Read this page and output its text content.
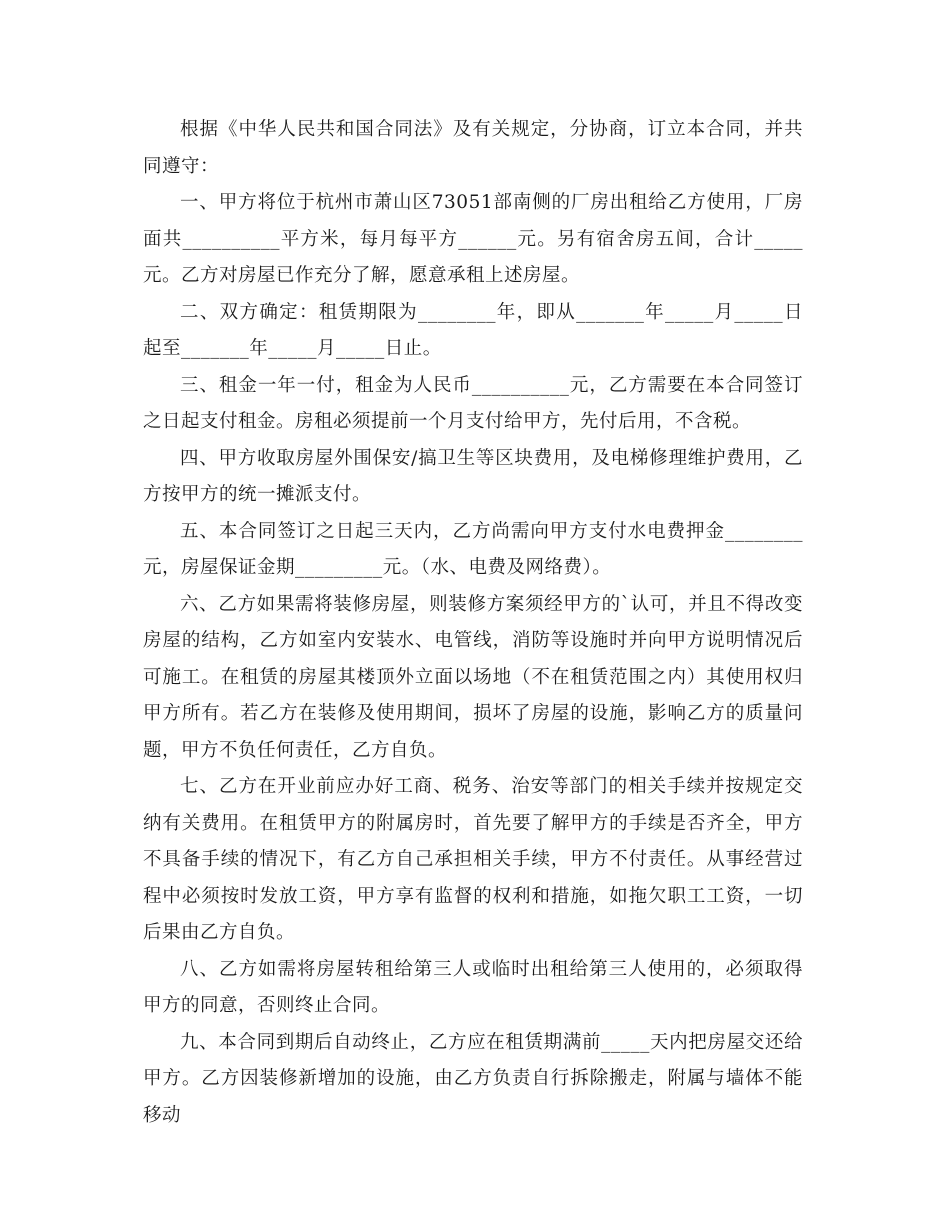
根据《中华人民共和国合同法》及有关规定，分协商，订立本合同，并共同遵守：

一、甲方将位于杭州市萧山区73051部南侧的厂房出租给乙方使用，厂房面共__________平方米，每月每平方______元。另有宿舍房五间，合计_____元。乙方对房屋已作充分了解，愿意承租上述房屋。

二、双方确定：租赁期限为________年，即从_______年_____月_____日起至_______年_____月_____日止。

三、租金一年一付，租金为人民币__________元，乙方需要在本合同签订之日起支付租金。房租必须提前一个月支付给甲方，先付后用，不含税。

四、甲方收取房屋外围保安/搞卫生等区块费用，及电梯修理维护费用，乙方按甲方的统一摊派支付。

五、本合同签订之日起三天内，乙方尚需向甲方支付水电费押金________元，房屋保证金期_________元。（水、电费及网络费）。

六、乙方如果需将装修房屋，则装修方案须经甲方的`认可，并且不得改变房屋的结构，乙方如室内安装水、电管线，消防等设施时并向甲方说明情况后可施工。在租赁的房屋其楼顶外立面以场地（不在租赁范围之内）其使用权归甲方所有。若乙方在装修及使用期间，损坏了房屋的设施，影响乙方的质量问题，甲方不负任何责任，乙方自负。

七、乙方在开业前应办好工商、税务、治安等部门的相关手续并按规定交纳有关费用。在租赁甲方的附属房时，首先要了解甲方的手续是否齐全，甲方不具备手续的情况下，有乙方自己承担相关手续，甲方不付责任。从事经营过程中必须按时发放工资，甲方享有监督的权利和措施，如拖欠职工工资，一切后果由乙方自负。

八、乙方如需将房屋转租给第三人或临时出租给第三人使用的，必须取得甲方的同意，否则终止合同。

九、本合同到期后自动终止，乙方应在租赁期满前_____天内把房屋交还给甲方。乙方因装修新增加的设施，由乙方负责自行拆除搬走，附属与墙体不能移动
